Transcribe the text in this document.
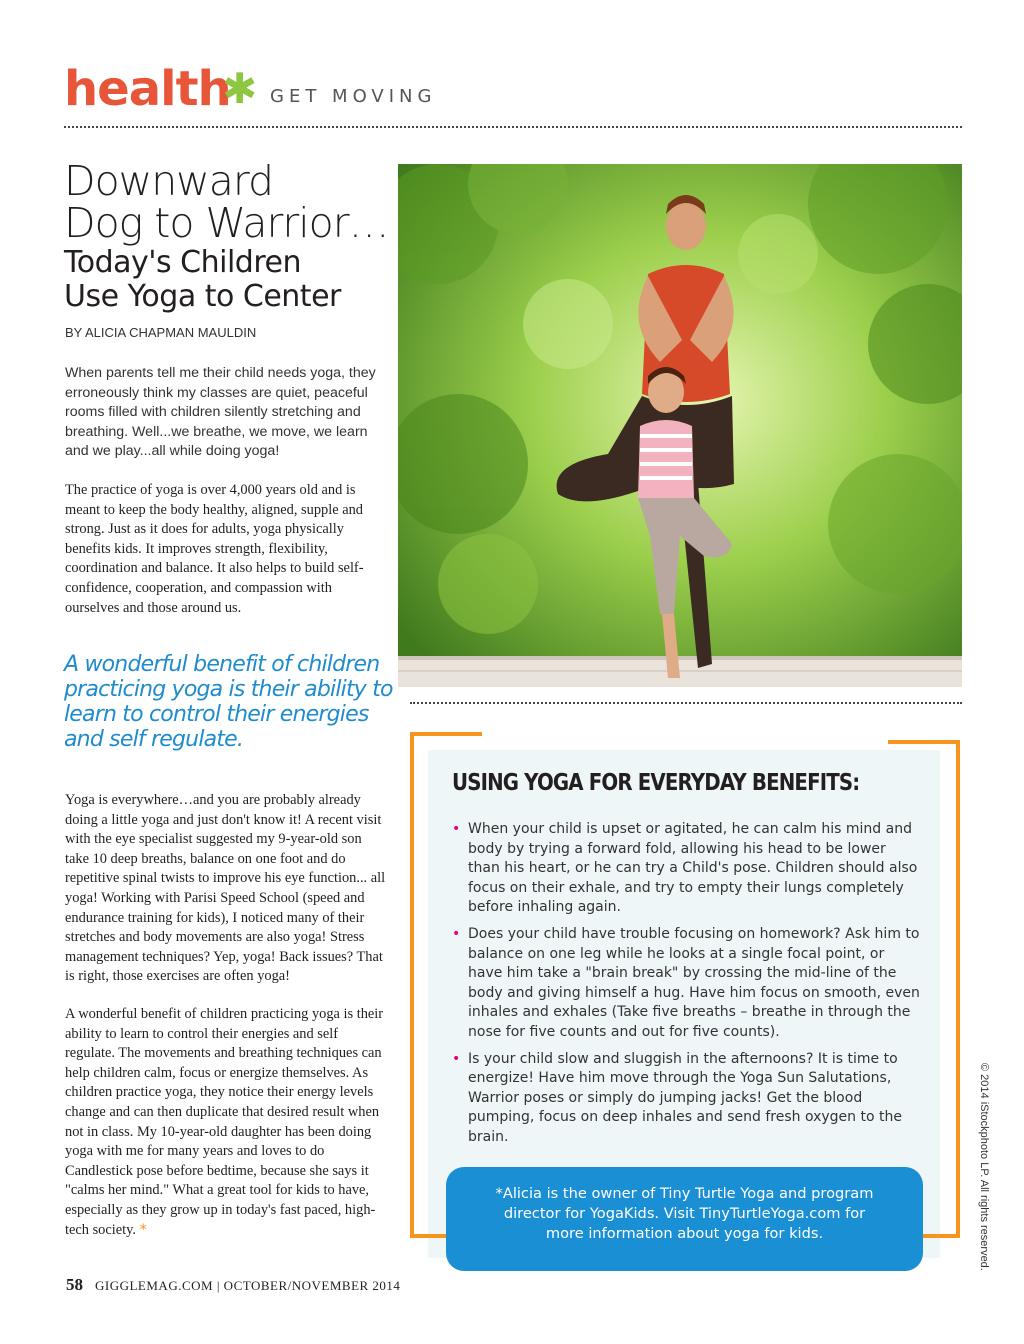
health
✱ GET MOVING
Downward
Dog to Warrior…
Today's Children
Use Yoga to Center
BY ALICIA CHAPMAN MAULDIN

When parents tell me their child needs yoga, they erroneously think my classes are quiet, peaceful rooms filled with children silently stretching and breathing. Well...we breathe, we move, we learn and we play...all while doing yoga!

The practice of yoga is over 4,000 years old and is meant to keep the body healthy, aligned, supple and strong. Just as it does for adults, yoga physically benefits kids. It improves strength, flexibility, coordination and balance. It also helps to build self-confidence, cooperation, and compassion with ourselves and those around us.

A wonderful benefit of children practicing yoga is their ability to learn to control their energies and self regulate.

Yoga is everywhere…and you are probably already doing a little yoga and just don't know it! A recent visit with the eye specialist suggested my 9-year-old son take 10 deep breaths, balance on one foot and do repetitive spinal twists to improve his eye function... all yoga! Working with Parisi Speed School (speed and endurance training for kids), I noticed many of their stretches and body movements are also yoga! Stress management techniques? Yep, yoga! Back issues? That is right, those exercises are often yoga!

A wonderful benefit of children practicing yoga is their ability to learn to control their energies and self regulate. The movements and breathing techniques can help children calm, focus or energize themselves. As children practice yoga, they notice their energy levels change and can then duplicate that desired result when not in class. My 10-year-old daughter has been doing yoga with me for many years and loves to do Candlestick pose before bedtime, because she says it "calms her mind." What a great tool for kids to have, especially as they grow up in today's fast paced, high-tech society. *

USING YOGA FOR EVERYDAY BENEFITS:
• When your child is upset or agitated, he can calm his mind and body by trying a forward fold, allowing his head to be lower than his heart, or he can try a Child's pose. Children should also focus on their exhale, and try to empty their lungs completely before inhaling again.
• Does your child have trouble focusing on homework? Ask him to balance on one leg while he looks at a single focal point, or have him take a "brain break" by crossing the mid-line of the body and giving himself a hug. Have him focus on smooth, even inhales and exhales (Take five breaths – breathe in through the nose for five counts and out for five counts).
• Is your child slow and sluggish in the afternoons? It is time to energize! Have him move through the Yoga Sun Salutations, Warrior poses or simply do jumping jacks! Get the blood pumping, focus on deep inhales and send fresh oxygen to the brain.
*Alicia is the owner of Tiny Turtle Yoga and program director for YogaKids. Visit TinyTurtleYoga.com for more information about yoga for kids.	© 2014 iStockphoto LP. All rights reserved.
58 GIGGLEMAG.COM | OCTOBER/NOVEMBER 2014
